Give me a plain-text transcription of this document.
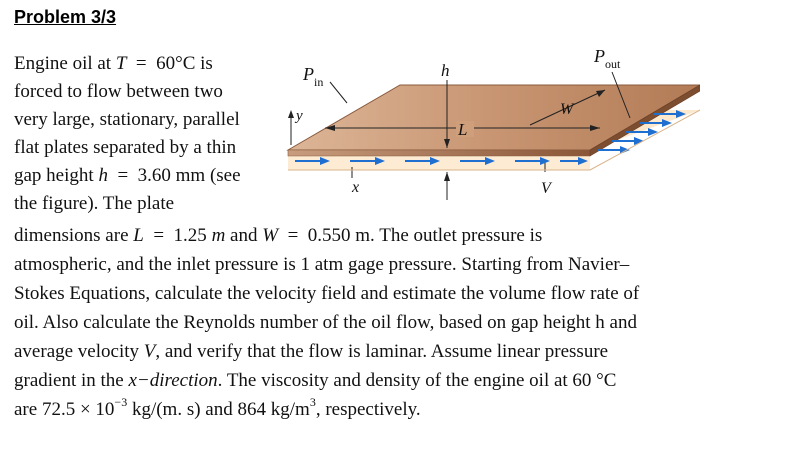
Problem 3/3
Engine oil at T  =  60°C is
forced to flow between two
very large, stationary, parallel
flat plates separated by a thin
gap height h  =  3.60 mm (see
the figure). The plate
dimensions are L  =  1.25 m and W  =  0.550 m. The outlet pressure is
atmospheric, and the inlet pressure is 1 atm gage pressure. Starting from Navier–
Stokes Equations, calculate the velocity field and estimate the volume flow rate of
oil. Also calculate the Reynolds number of the oil flow, based on gap height h and
average velocity V, and verify that the flow is laminar. Assume linear pressure
gradient in the x−direction. The viscosity and density of the engine oil at 60 °C
are $72.5 \times 10^{-3}$ kg/(m. s) and 864 $kg/m^3$, respectively.
L
W
h
$P_{in}$
$P_{out}$
y
x	V
